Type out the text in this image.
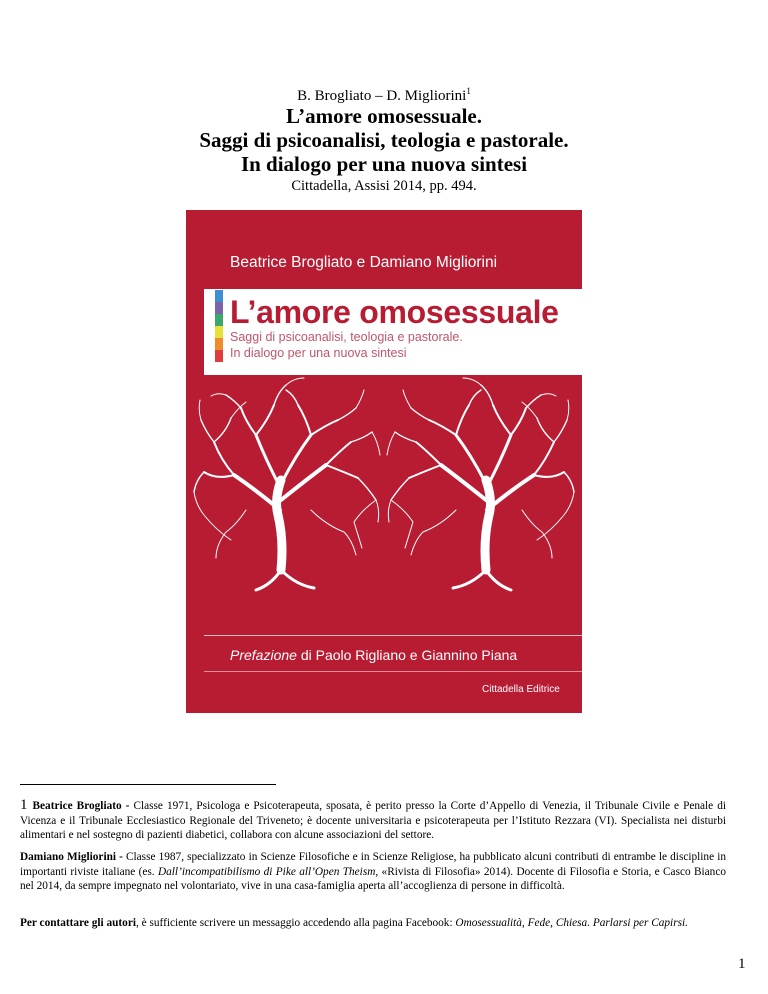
B. Brogliato – D. Migliorini$^1$
L’amore omosessuale.
Saggi di psicoanalisi, teologia e pastorale.
In dialogo per una nuova sintesi
Cittadella, Assisi 2014, pp. 494.
Beatrice Brogliato e Damiano Migliorini
L’amore omosessuale
Saggi di psicoanalisi, teologia e pastorale.
In dialogo per una nuova sintesi
Prefazione di Paolo Rigliano e Giannino Piana
Cittadella Editrice
1 Beatrice Brogliato - Classe 1971, Psicologa e Psicoterapeuta, sposata, è perito presso la Corte d’Appello di Venezia, il Tribunale Civile e Penale di Vicenza e il Tribunale Ecclesiastico Regionale del Triveneto; è docente universitaria e psicoterapeuta per l’Istituto Rezzara (VI). Specialista nei disturbi alimentari e nel sostegno di pazienti diabetici, collabora con alcune associazioni del settore.
Damiano Migliorini - Classe 1987, specializzato in Scienze Filosofiche e in Scienze Religiose, ha pubblicato alcuni contributi di entrambe le discipline in importanti riviste italiane (es. Dall’incompatibilismo di Pike all’Open Theism, «Rivista di Filosofia» 2014). Docente di Filosofia e Storia, e Casco Bianco nel 2014, da sempre impegnato nel volontariato, vive in una casa-famiglia aperta all’accoglienza di persone in difficoltà.
Per contattare gli autori, è sufficiente scrivere un messaggio accedendo alla pagina Facebook: Omosessualità, Fede, Chiesa. Parlarsi per Capirsi.
1
